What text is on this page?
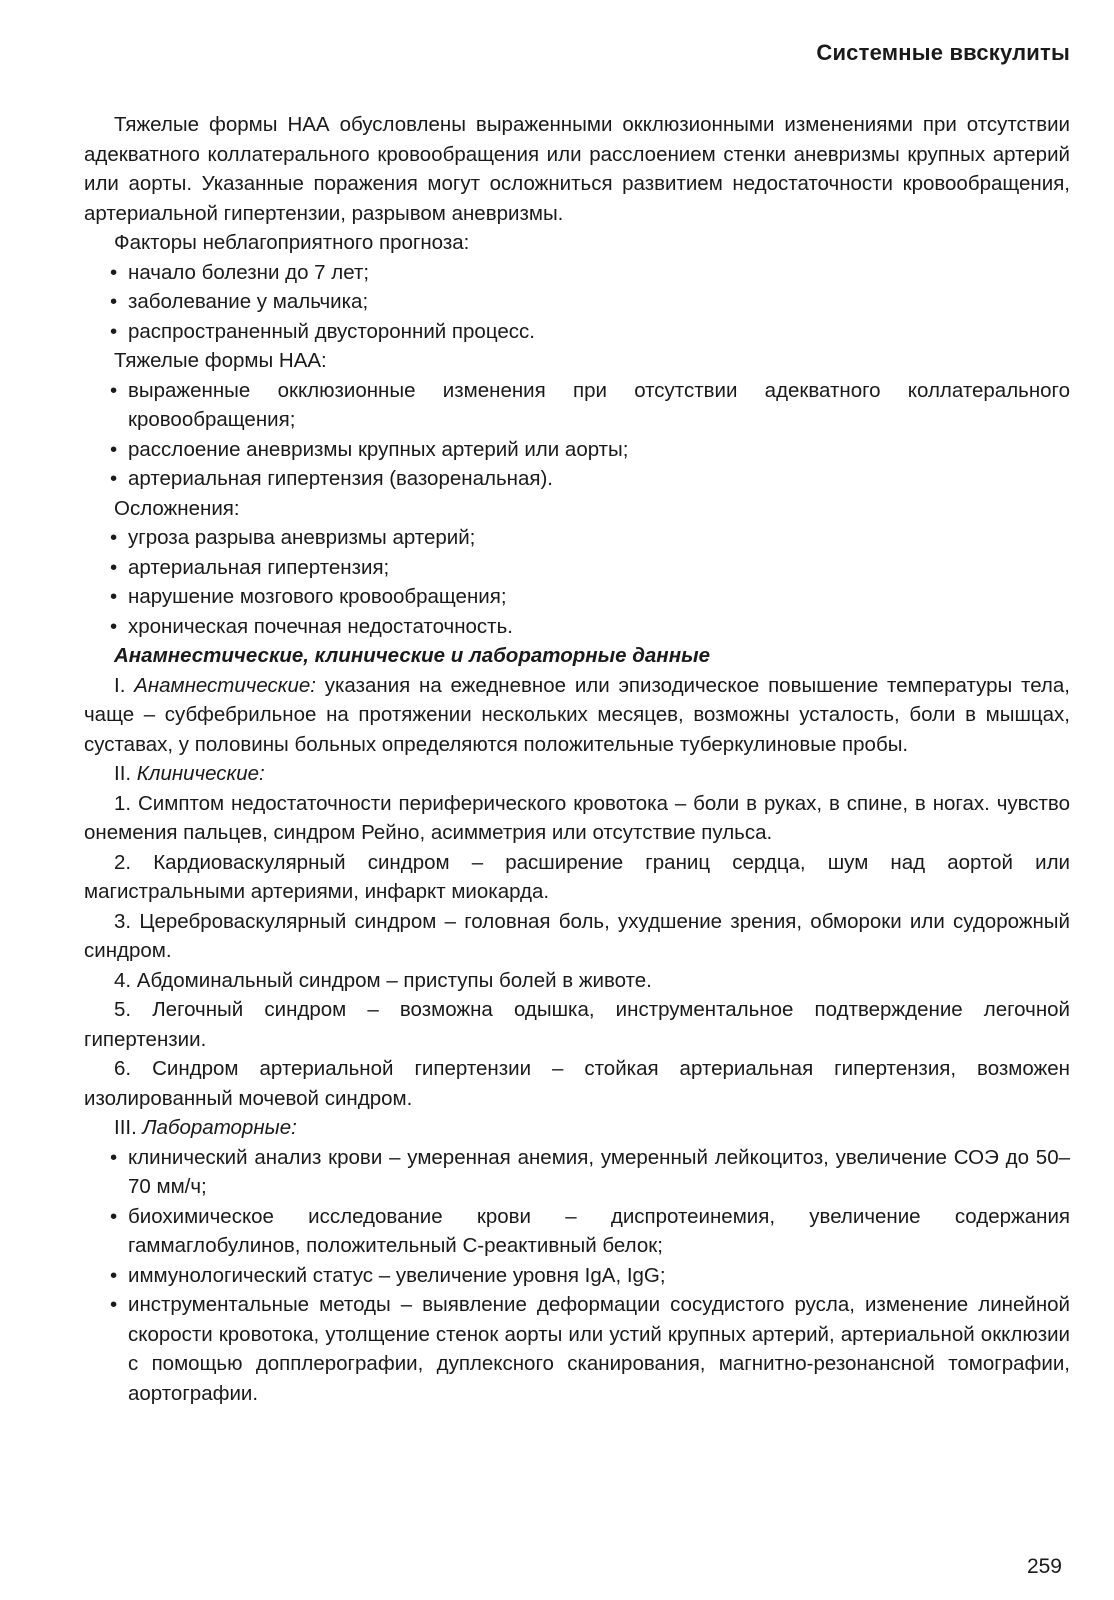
Системные ввскулиты

Тяжелые формы НАА обусловлены выраженными окклюзионными изменениями при отсутствии адекватного коллатерального кровообращения или расслоением стенки аневризмы крупных артерий или аорты. Указанные поражения могут осложниться развитием недостаточности кровообращения, артериальной гипертензии, разрывом аневризмы.

Факторы неблагоприятного прогноза:
• начало болезни до 7 лет;
• заболевание у мальчика;
• распространенный двусторонний процесс.
Тяжелые формы НАА:
• выраженные окклюзионные изменения при отсутствии адекватного коллатерального кровообращения;
• расслоение аневризмы крупных артерий или аорты;
• артериальная гипертензия (вазоренальная).
Осложнения:
• угроза разрыва аневризмы артерий;
• артериальная гипертензия;
• нарушение мозгового кровообращения;
• хроническая почечная недостаточность.
Анамнестические, клинические и лабораторные данные

I. Анамнестические: указания на ежедневное или эпизодическое повышение температуры тела, чаще – субфебрильное на протяжении нескольких месяцев, возможны усталость, боли в мышцах, суставах, у половины больных определяются положительные туберкулиновые пробы.

II. Клинические:

1. Симптом недостаточности периферического кровотока – боли в руках, в спине, в ногах. чувство онемения пальцев, синдром Рейно, асимметрия или отсутствие пульса.

2. Кардиоваскулярный синдром – расширение границ сердца, шум над аортой или магистральными артериями, инфаркт миокарда.

3. Цереброваскулярный синдром – головная боль, ухудшение зрения, обмороки или судорожный синдром.

4. Абдоминальный синдром – приступы болей в животе.

5. Легочный синдром – возможна одышка, инструментальное подтверждение легочной гипертензии.

6. Синдром артериальной гипертензии – стойкая артериальная гипертензия, возможен изолированный мочевой синдром.

III. Лабораторные:
• клинический анализ крови – умеренная анемия, умеренный лейкоцитоз, увеличение СОЭ до 50–70 мм/ч;
• биохимическое исследование крови – диспротеинемия, увеличение содержания гаммаглобулинов, положительный С-реактивный белок;
• иммунологический статус – увеличение уровня IgA, IgG;
• инструментальные методы – выявление деформации сосудистого русла, изменение линейной скорости кровотока, утолщение стенок аорты или устий крупных артерий, артериальной окклюзии с помощью допплерографии, дуплексного сканирования, магнитно-резонансной томографии, аортографии.
259
